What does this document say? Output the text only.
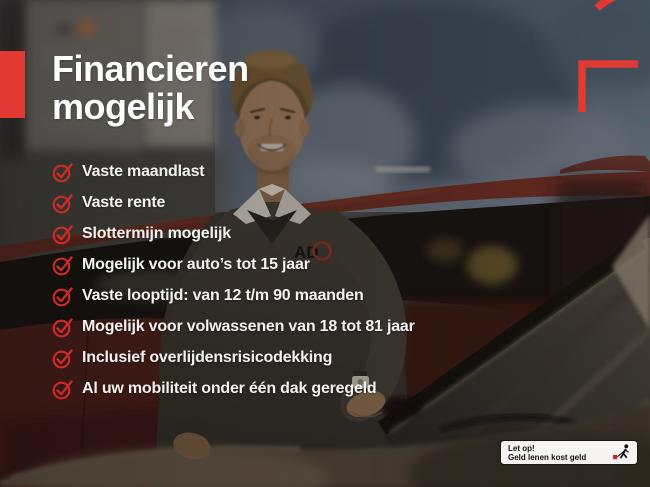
Financieren
mogelijk
Vaste maandlast
Vaste rente
Slottermijn mogelijk
Mogelijk voor auto’s tot 15 jaar
Vaste looptijd: van 12 t/m 90 maanden
Mogelijk voor volwassenen van 18 tot 81 jaar
Inclusief overlijdensrisicodekking
Al uw mobiliteit onder één dak geregeld
Let op!
Geld lenen kost geld
